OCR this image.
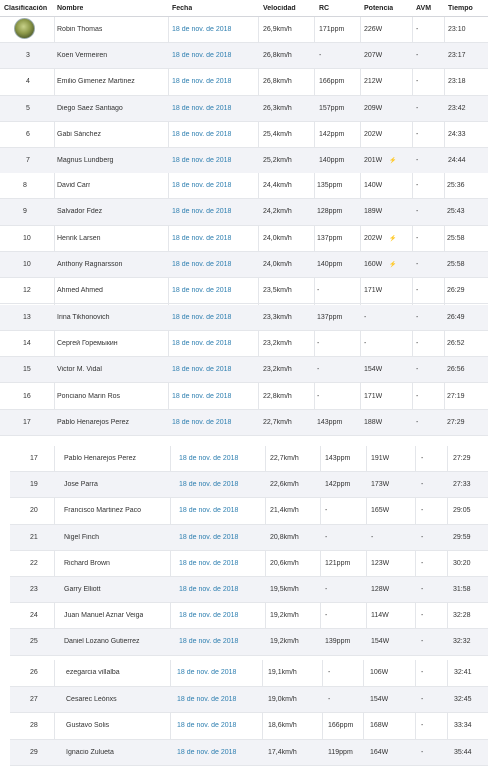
Clasificación Nombre	Fecha	Velocidad	RC	Potencia	AVM Tiempo
Robin Thomas	18 de nov. de 2018	26,9km/h	171ppm	226W	-	23:10
3	Koen Vermeiren	18 de nov. de 2018	26,8km/h	-	207W	-	23:17
4	Emilio Gimenez Martinez	18 de nov. de 2018	26,8km/h	166ppm	212W	-	23:18
5	Diego Saez Santiago	18 de nov. de 2018	26,3km/h	157ppm	209W	-	23:42
6	Gabi Sánchez	18 de nov. de 2018	25,4km/h	142ppm	202W	-	24:33
7	Magnus Lundberg	18 de nov. de 2018	25,2km/h	140ppm	201W ⚡	-	24:44
8	David Carr	18 de nov. de 2018	24,4km/h	135ppm	140W	-	25:36
9	Salvador Fdez	18 de nov. de 2018	24,2km/h	128ppm	189W	-	25:43
10	Henrik Larsen	18 de nov. de 2018	24,0km/h	137ppm	202W ⚡	-	25:58
10	Anthony Ragnarsson	18 de nov. de 2018	24,0km/h	140ppm	160W ⚡	-	25:58
12	Ahmed Ahmed	18 de nov. de 2018	23,5km/h	-	171W	-	26:29
13	Irina Tikhonovich	18 de nov. de 2018	23,3km/h	137ppm	-	-	26:49
14	Сергей Горемыкин	18 de nov. de 2018	23,2km/h	-	-	-	26:52
15	Victor M. Vidal	18 de nov. de 2018	23,2km/h	-	154W	-	26:56
16	Ponciano Marin Ros	18 de nov. de 2018	22,8km/h	-	171W	-	27:19
17	Pablo Henarejos Perez	18 de nov. de 2018	22,7km/h	143ppm	188W	-	27:29
17	Pablo Henarejos Perez	18 de nov. de 2018	22,7km/h	143ppm	191W	-	27:29
19	Jose Parra	18 de nov. de 2018	22,6km/h	142ppm	173W	-	27:33
20	Francisco Martinez Paco	18 de nov. de 2018	21,4km/h	-	165W	-	29:05
21	Nigel Finch	18 de nov. de 2018	20,8km/h	-	-	-	29:59
22	Richard Brown	18 de nov. de 2018	20,6km/h	121ppm	123W	-	30:20
23	Garry Elliott	18 de nov. de 2018	19,5km/h	-	128W	-	31:58
24	Juan Manuel Aznar Veiga	18 de nov. de 2018	19,2km/h	-	114W	-	32:28
25	Daniel Lozano Gutierrez	18 de nov. de 2018	19,2km/h	139ppm	154W	-	32:32
26	ezegarcia villalba	18 de nov. de 2018	19,1km/h	-	106W	-	32:41
27	Cesarec Leónxs	18 de nov. de 2018	19,0km/h	-	154W	-	32:45
28	Gustavo Solis	18 de nov. de 2018	18,6km/h	166ppm 168W	-	33:34
29	Ignacio Zulueta	18 de nov. de 2018	17,4km/h	119ppm 164W	-	35:44
